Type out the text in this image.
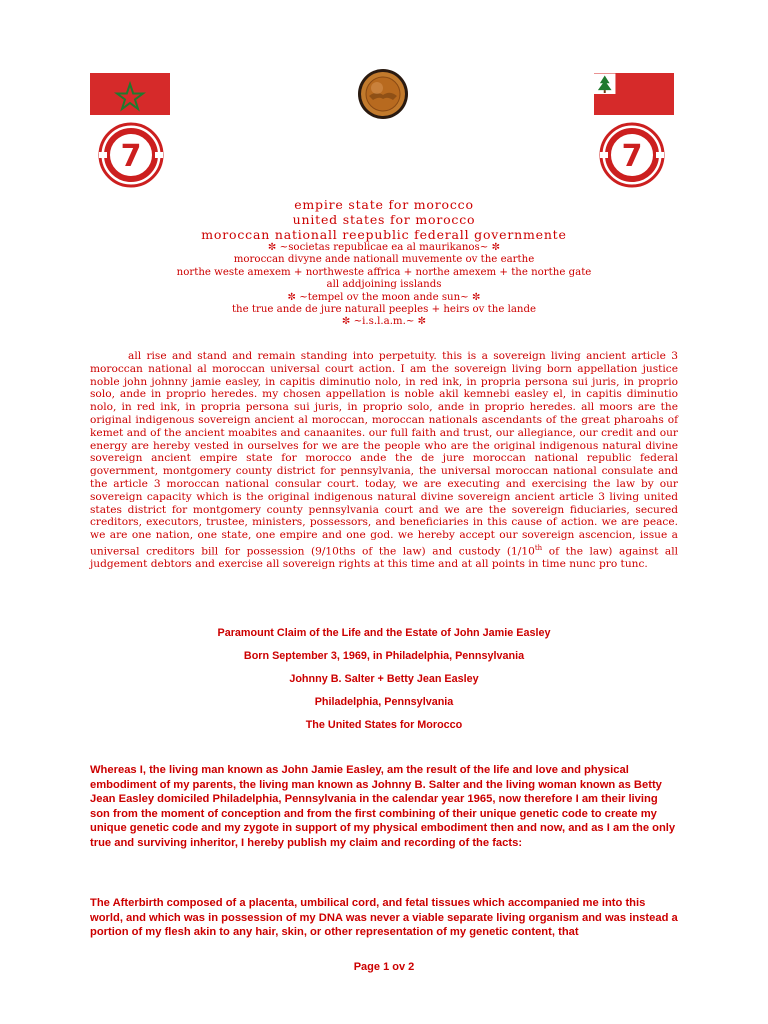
7	7
empire state for morocco
united states for morocco
moroccan nationall reepublic federall governmente
✼ ~societas republicae ea al maurikanos~ ✼
moroccan divyne ande nationall muvemente ov the earthe
northe weste amexem + northweste affrica + northe amexem + the northe gate
all addjoining isslands
✼ ~tempel ov the moon ande sun~ ✼
the true ande de jure naturall peeples + heirs ov the lande
✼ ~i.s.l.a.m.~ ✼

all rise and stand and remain standing into perpetuity. this is a sovereign living ancient article 3 moroccan national al moroccan universal court action. I am the sovereign living born appellation justice noble john johnny jamie easley, in capitis diminutio nolo, in red ink, in propria persona sui juris, in proprio solo, ande in proprio heredes. my chosen appellation is noble akil kemnebi easley el, in capitis diminutio nolo, in red ink, in propria persona sui juris, in proprio solo, ande in proprio heredes. all moors are the original indigenous sovereign ancient al moroccan, moroccan nationals ascendants of the great pharoahs of kemet and of the ancient moabites and canaanites. our full faith and trust, our allegiance, our credit and our energy are hereby vested in ourselves for we are the people who are the original indigenous natural divine sovereign ancient empire state for morocco ande the de jure moroccan national republic federal government, montgomery county district for pennsylvania, the universal moroccan national consulate and the article 3 moroccan national consular court. today, we are executing and exercising the law by our sovereign capacity which is the original indigenous natural divine sovereign ancient article 3 living united states district for montgomery county pennsylvania court and we are the sovereign fiduciaries, secured creditors, executors, trustee, ministers, possessors, and beneficiaries in this cause of action. we are peace. we are one nation, one state, one empire and one god. we hereby accept our sovereign ascencion, issue a universal creditors bill for possession (9/10ths of the law) and custody (1/10th of the law) against all judgement debtors and exercise all sovereign rights at this time and at all points in time nunc pro tunc.

Paramount Claim of the Life and the Estate of John Jamie Easley
Born September 3, 1969, in Philadelphia, Pennsylvania
Johnny B. Salter + Betty Jean Easley
Philadelphia, Pennsylvania
The United States for Morocco

Whereas I, the living man known as John Jamie Easley, am the result of the life and love and physical embodiment of my parents, the living man known as Johnny B. Salter and the living woman known as Betty Jean Easley domiciled Philadelphia, Pennsylvania in the calendar year 1965, now therefore I am their living son from the moment of conception and from the first combining of their unique genetic code to create my unique genetic code and my zygote in support of my physical embodiment then and now, and as I am the only true and surviving inheritor, I hereby publish my claim and recording of the facts:

The Afterbirth composed of a placenta, umbilical cord, and fetal tissues which accompanied me into this world, and which was in possession of my DNA was never a viable separate living organism and was instead a portion of my flesh akin to any hair, skin, or other representation of my genetic content, that

Page 1 ov 2
